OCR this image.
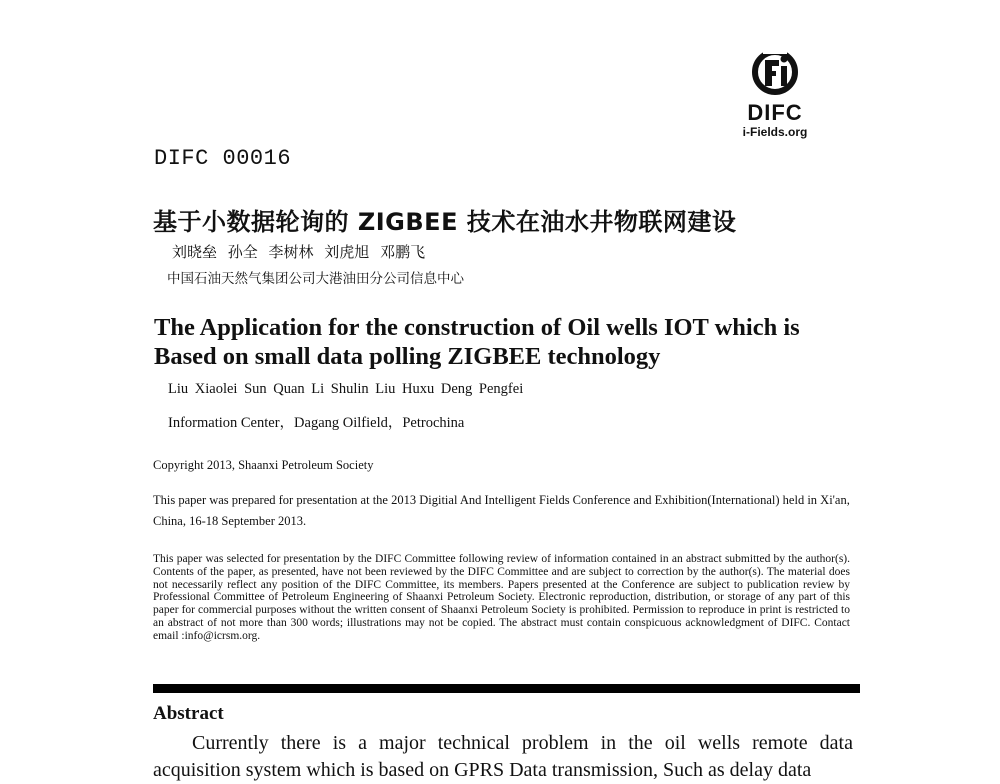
DIFC
i-Fields.org
DIFC 00016
基于小数据轮询的 ZIGBEE 技术在油水井物联网建设
刘晓垒 孙全 李树林 刘虎旭 邓鹏飞
中国石油天然气集团公司大港油田分公司信息中心
The Application for the construction of Oil wells IOT which is Based on small data polling ZIGBEE technology
Liu Xiaolei Sun Quan Li Shulin Liu Huxu Deng Pengfei
Information Center，Dagang Oilfield，Petrochina
Copyright 2013, Shaanxi Petroleum Society
This paper was prepared for presentation at the 2013 Digitial And Intelligent Fields Conference and Exhibition(International) held in Xi'an, China, 16-18 September 2013.
This paper was selected for presentation by the DIFC Committee following review of information contained in an abstract submitted by the author(s). Contents of the paper, as presented, have not been reviewed by the DIFC Committee and are subject to correction by the author(s). The material does not necessarily reflect any position of the DIFC Committee, its members. Papers presented at the Conference are subject to publication review by Professional Committee of Petroleum Engineering of Shaanxi Petroleum Society. Electronic reproduction, distribution, or storage of any part of this paper for commercial purposes without the written consent of Shaanxi Petroleum Society is prohibited. Permission to reproduce in print is restricted to an abstract of not more than 300 words; illustrations may not be copied. The abstract must contain conspicuous acknowledgment of DIFC. Contact email :info@icrsm.org.
Abstract
Currently there is a major technical problem in the oil wells remote data acquisition system which is based on GPRS Data transmission, Such as delay data
